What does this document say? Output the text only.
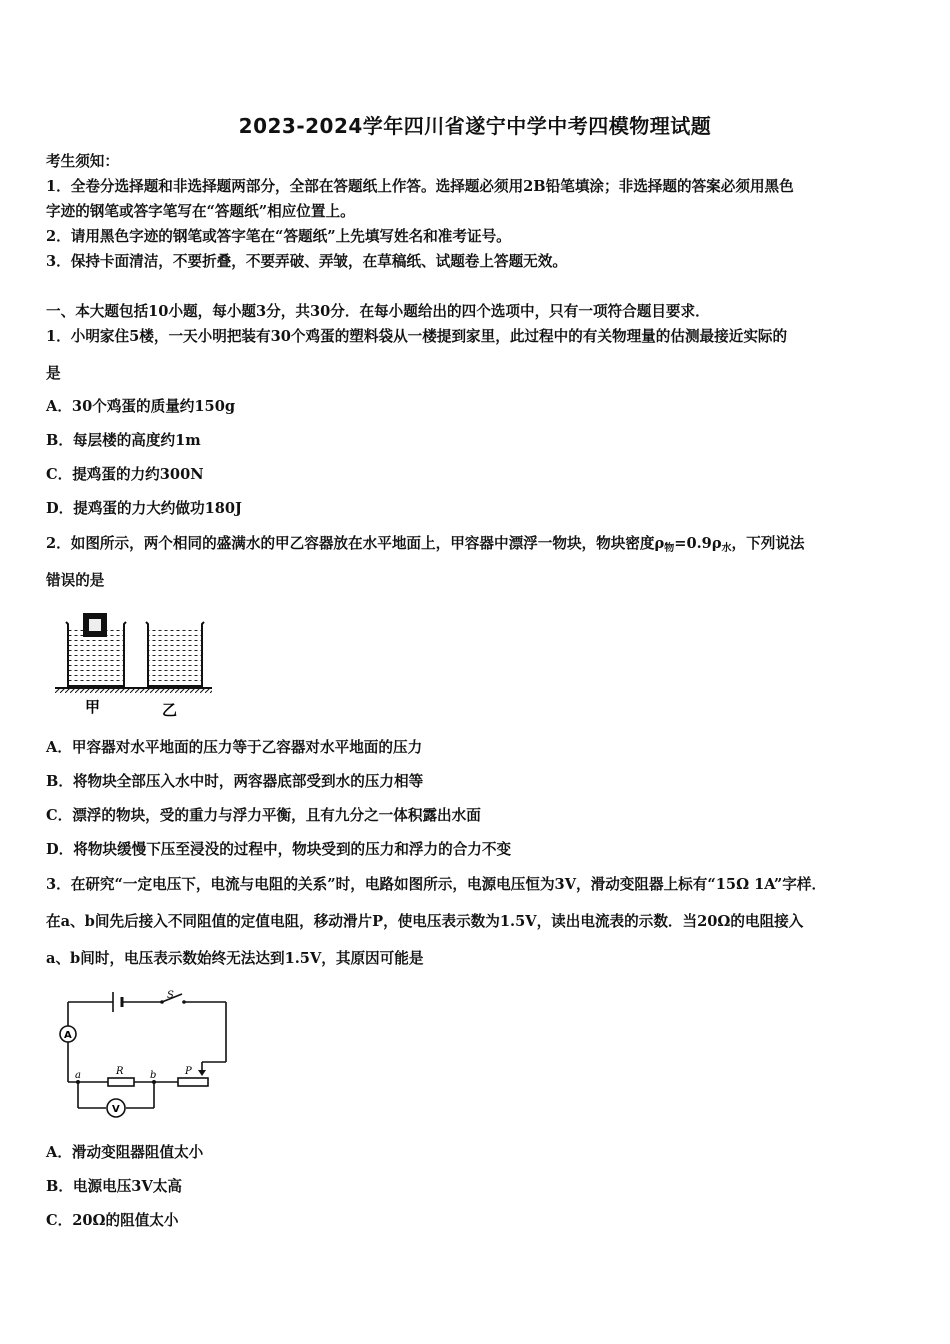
2023-2024学年四川省遂宁中学中考四模物理试题
考生须知：
1．全卷分选择题和非选择题两部分，全部在答题纸上作答。选择题必须用2B铅笔填涂；非选择题的答案必须用黑色
字迹的钢笔或答字笔写在“答题纸”相应位置上。
2．请用黑色字迹的钢笔或答字笔在“答题纸”上先填写姓名和准考证号。
3．保持卡面清洁，不要折叠，不要弄破、弄皱，在草稿纸、试题卷上答题无效。
一、本大题包括10小题，每小题3分，共30分．在每小题给出的四个选项中，只有一项符合题目要求．
1．小明家住5楼，一天小明把装有30个鸡蛋的塑料袋从一楼提到家里，此过程中的有关物理量的估测最接近实际的
是
A．30个鸡蛋的质量约150g
B．每层楼的高度约1m
C．提鸡蛋的力约300N
D．提鸡蛋的力大约做功180J
2．如图所示，两个相同的盛满水的甲乙容器放在水平地面上，甲容器中漂浮一物块，物块密度$\rho_物=0.9\rho_水$，下列说法
错误的是
甲	乙
A．甲容器对水平地面的压力等于乙容器对水平地面的压力
B．将物块全部压入水中时，两容器底部受到水的压力相等
C．漂浮的物块，受的重力与浮力平衡，且有九分之一体积露出水面
D．将物块缓慢下压至浸没的过程中，物块受到的压力和浮力的合力不变
3．在研究“一定电压下，电流与电阻的关系”时，电路如图所示，电源电压恒为3V，滑动变阻器上标有“15Ω 1A”字样．
在a、b间先后接入不同阻值的定值电阻，移动滑片P，使电压表示数为1.5V，读出电流表的示数．当20Ω的电阻接入
a、b间时，电压表示数始终无法达到1.5V，其原因可能是
S
A
a	b
R	P
V
A．滑动变阻器阻值太小
B．电源电压3V太高
C．20Ω的阻值太小
